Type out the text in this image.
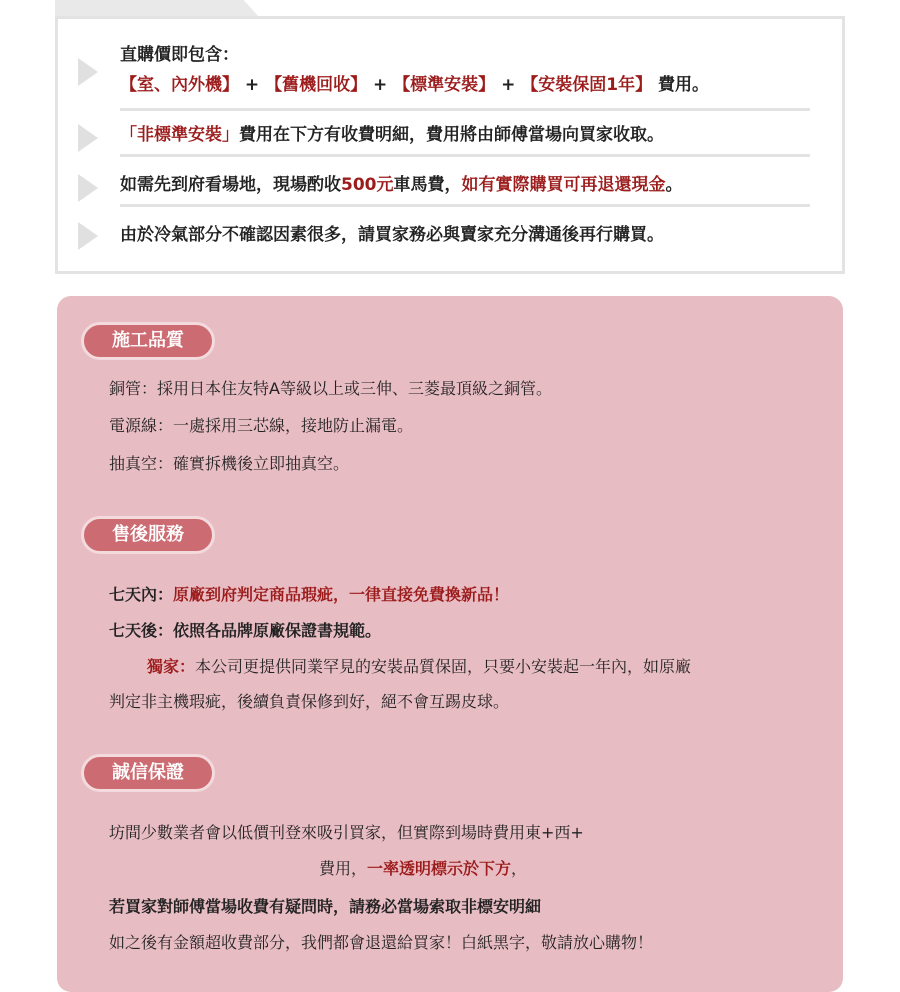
直購價即包含：
【室、內外機】 + 【舊機回收】 + 【標準安裝】 + 【安裝保固1年】 費用。
「非標準安裝」費用在下方有收費明細，費用將由師傅當場向買家收取。
如需先到府看場地，現場酌收500元車馬費，如有實際購買可再退還現金。
由於冷氣部分不確認因素很多，請買家務必與賣家充分溝通後再行購買。
施工品質
銅管：採用日本住友特A等級以上或三伸、三菱最頂級之銅管。
電源線：一處採用三芯線，接地防止漏電。
抽真空：確實拆機後立即抽真空。
售後服務
七天內：原廠到府判定商品瑕疵，一律直接免費換新品！
七天後：依照各品牌原廠保證書規範。
獨家：本公司更提供同業罕見的安裝品質保固，只要小安裝起一年內，如原廠
判定非主機瑕疵，後續負責保修到好，絕不會互踢皮球。
誠信保證
坊間少數業者會以低價刊登來吸引買家，但實際到場時費用東+西+
費用，一率透明標示於下方，
若買家對師傅當場收費有疑問時，請務必當場索取非標安明細
如之後有金額超收費部分，我們都會退還給買家！白紙黑字，敬請放心購物！
